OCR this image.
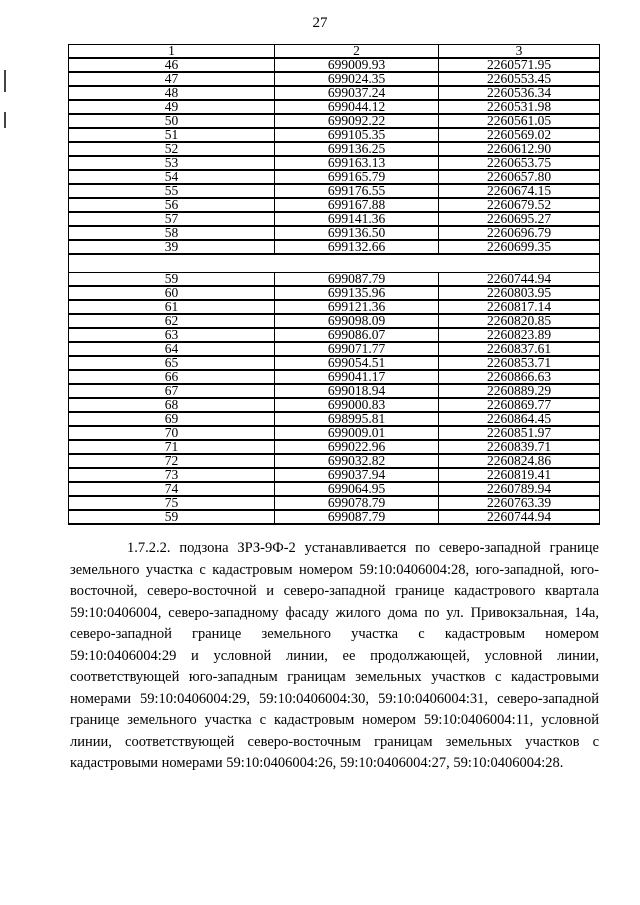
27
1	2	3
46	699009.93	2260571.95
47	699024.35	2260553.45
48	699037.24	2260536.34
49	699044.12	2260531.98
50	699092.22	2260561.05
51	699105.35	2260569.02
52	699136.25	2260612.90
53	699163.13	2260653.75
54	699165.79	2260657.80
55	699176.55	2260674.15
56	699167.88	2260679.52
57	699141.36	2260695.27
58	699136.50	2260696.79
39	699132.66	2260699.35

59	699087.79	2260744.94
60	699135.96	2260803.95
61	699121.36	2260817.14
62	699098.09	2260820.85
63	699086.07	2260823.89
64	699071.77	2260837.61
65	699054.51	2260853.71
66	699041.17	2260866.63
67	699018.94	2260889.29
68	699000.83	2260869.77
69	698995.81	2260864.45
70	699009.01	2260851.97
71	699022.96	2260839.71
72	699032.82	2260824.86
73	699037.94	2260819.41
74	699064.95	2260789.94
75	699078.79	2260763.39
59	699087.79	2260744.94

1.7.2.2. подзона ЗРЗ-9Ф-2 устанавливается по северо-западной границе земельного участка с кадастровым номером 59:10:0406004:28, юго-западной, юго-восточной, северо-восточной и северо-западной границе кадастрового квартала 59:10:0406004, северо-западному фасаду жилого дома по ул. Привокзальная, 14а, северо-западной границе земельного участка с кадастровым номером 59:10:0406004:29 и условной линии, ее продолжающей, условной линии, соответствующей юго-западным границам земельных участков с кадастровыми номерами 59:10:0406004:29, 59:10:0406004:30, 59:10:0406004:31, северо-западной границе земельного участка с кадастровым номером 59:10:0406004:11, условной линии, соответствующей северо-восточным границам земельных участков с кадастровыми номерами 59:10:0406004:26, 59:10:0406004:27, 59:10:0406004:28.
